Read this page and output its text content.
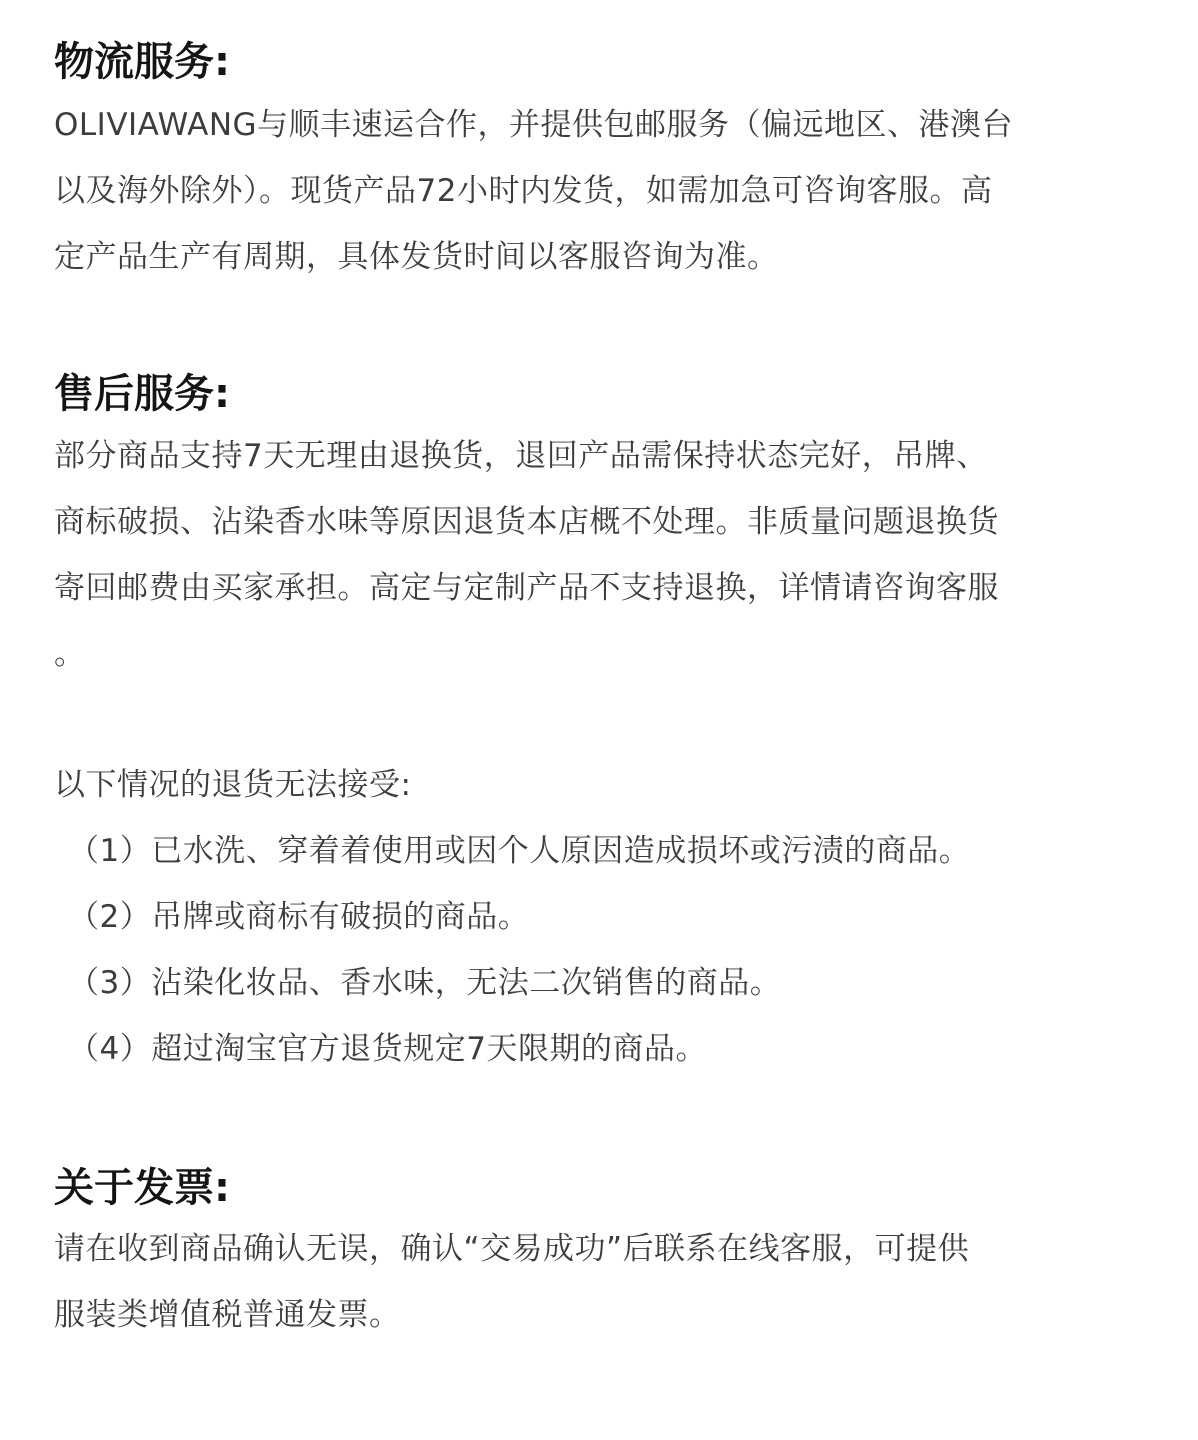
物流服务:

OLIVIAWANG与顺丰速运合作，并提供包邮服务（偏远地区、港澳台
以及海外除外）。现货产品72小时内发货，如需加急可咨询客服。高
定产品生产有周期，具体发货时间以客服咨询为准。

售后服务:

部分商品支持7天无理由退换货，退回产品需保持状态完好，吊牌、
商标破损、沾染香水味等原因退货本店概不处理。非质量问题退换货
寄回邮费由买家承担。高定与定制产品不支持退换，详情请咨询客服
。

以下情况的退货无法接受:

（1）已水洗、穿着着使用或因个人原因造成损坏或污渍的商品。
（2）吊牌或商标有破损的商品。
（3）沾染化妆品、香水味，无法二次销售的商品。
（4）超过淘宝官方退货规定7天限期的商品。
关于发票:

请在收到商品确认无误，确认“交易成功”后联系在线客服，可提供
服装类增值税普通发票。
